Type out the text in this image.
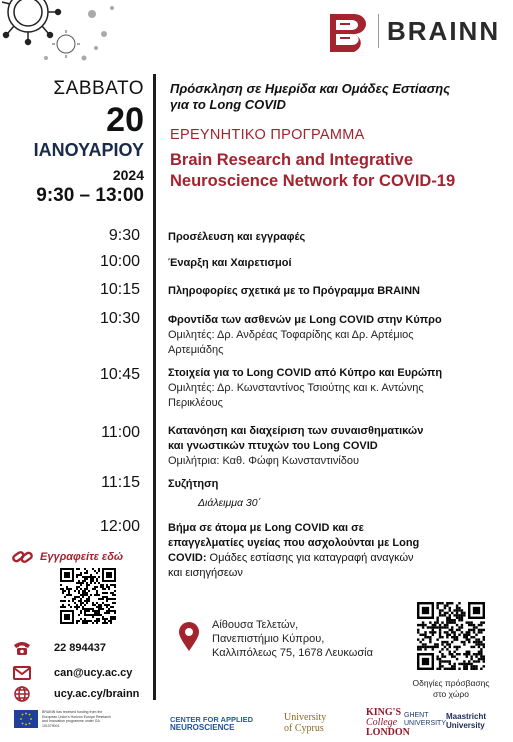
BRAINN
ΣΑΒΒΑΤΟ
20
ΙΑΝΟΥΑΡΙΟΥ
2024
9:30 – 13:00
Πρόσκληση σε Ημερίδα και Ομάδες Εστίασης
για το Long COVID
ΕΡΕΥΝΗΤΙΚΟ ΠΡΟΓΡΑΜΜΑ
Brain Research and Integrative
Neuroscience Network for COVID-19
9:30	Προσέλευση και εγγραφές
10:00	Έναρξη και Χαιρετισμοί
10:15	Πληροφορίες σχετικά με το Πρόγραμμα BRAINN
10:30	Φροντίδα των ασθενών με Long COVID στην Κύπρο
Ομιλητές: Δρ. Ανδρέας Τοφαρίδης και Δρ. Αρτέμιος
Αρτεμιάδης
10:45	Στοιχεία για το Long COVID από Κύπρο και Ευρώπη
Ομιλητές: Δρ. Κωνσταντίνος Τσιούτης και κ. Αντώνης
Περικλέους
11:00	Κατανόηση και διαχείριση των συναισθηματικών
και γνωστικών πτυχών του Long COVID
Ομιλήτρια: Καθ. Φώφη Κωνσταντινίδου
11:15	Συζήτηση
Διάλειμμα 30΄
12:00	Βήμα σε άτομα με Long COVID και σε
επαγγελματίες υγείας που ασχολούνται με Long
COVID: Ομάδες εστίασης για καταγραφή αναγκών
και εισηγήσεων
Εγγραφείτε εδώ
22 894437
can@ucy.ac.cy
ucy.ac.cy/brainn
Αίθουσα Τελετών,
Πανεπιστήμιο Κύπρου,
Καλλιπόλεως 75, 1678 Λευκωσία
Οδηγίες πρόσβασης
στο χώρο
BRAINN has received funding from the European Union's Horizon Europe Research and Innovation programme under GA 101079001
CENTER FOR APPLIED
NEUROSCIENCE
University
of Cyprus
KING'S
College
LONDON
GHENT
UNIVERSITY
Maastricht
University
